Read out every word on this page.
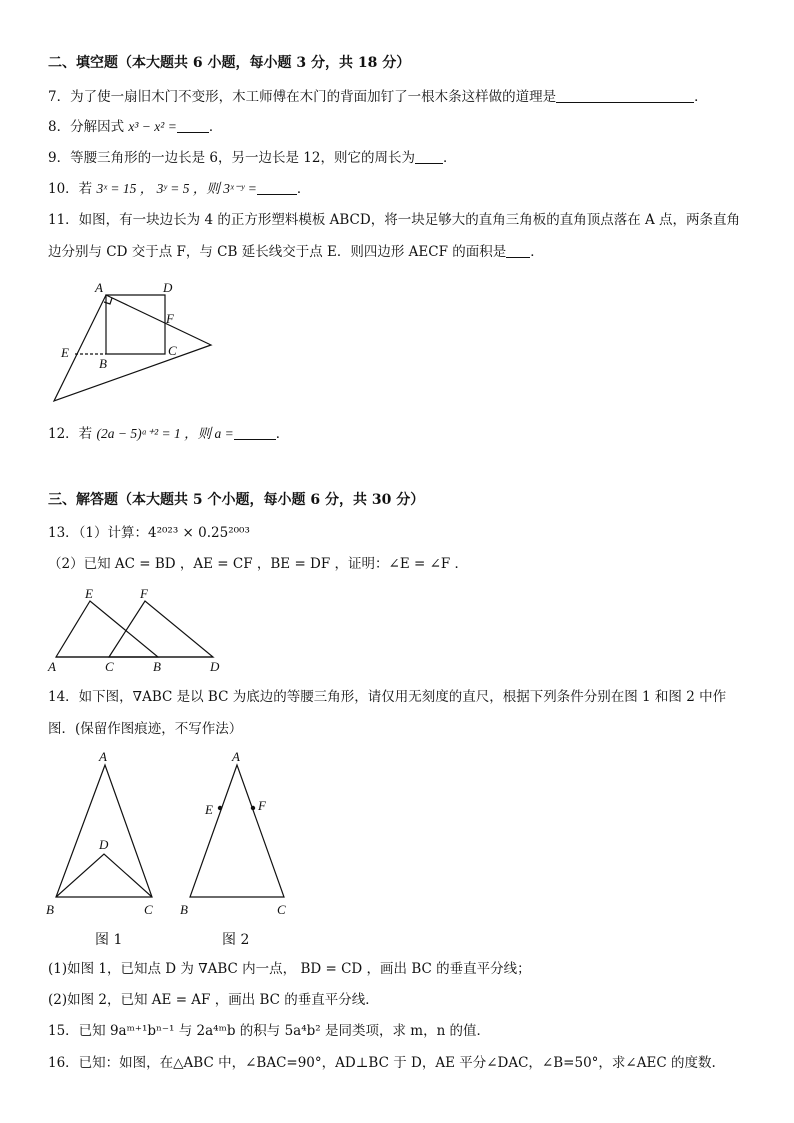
二、填空题（本大题共 6 小题，每小题 3 分，共 18 分）
7．为了使一扇旧木门不变形，木工师傅在木门的背面加钉了一根木条这样做的道理是	．
8．分解因式 x³ − x² = ．
9．等腰三角形的一边长是 6，另一边长是 12，则它的周长为 ．
10．若 3ˣ = 15 ， 3ʸ = 5 ，则 3ˣ⁻ʸ =	．
11．如图，有一块边长为 4 的正方形塑料模板 ABCD，将一块足够大的直角三角板的直角顶点落在 A 点，两条直角
边分别与 CD 交于点 F，与 CB 延长线交于点 E．则四边形 AECF 的面积是 ．
A	D
F
C
B
E
E	F
A	C	B	D
A
D
B	C
图 1
A
E	F
B	C
图 2
12．若 (2a − 5)ᵃ⁺² = 1 ，则 a =	．
三、解答题（本大题共 5 个小题，每小题 6 分，共 30 分）
13．（1）计算：4²⁰²³ × 0.25²⁰⁰³
（2）已知 AC = BD ，AE = CF ，BE = DF ，证明：∠E = ∠F ．
14．如下图，∇ABC 是以 BC 为底边的等腰三角形，请仅用无刻度的直尺，根据下列条件分别在图 1 和图 2 中作
图．(保留作图痕迹，不写作法）
(1)如图 1，已知点 D 为 ∇ABC 内一点， BD = CD ，画出 BC 的垂直平分线；
(2)如图 2，已知 AE = AF ，画出 BC 的垂直平分线．
15．已知 9aᵐ⁺¹bⁿ⁻¹ 与 2a⁴ᵐb 的积与 5a⁴b² 是同类项，求 m，n 的值．
16．已知：如图，在△ABC 中，∠BAC=90°，AD⊥BC 于 D，AE 平分∠DAC，∠B=50°，求∠AEC 的度数.
